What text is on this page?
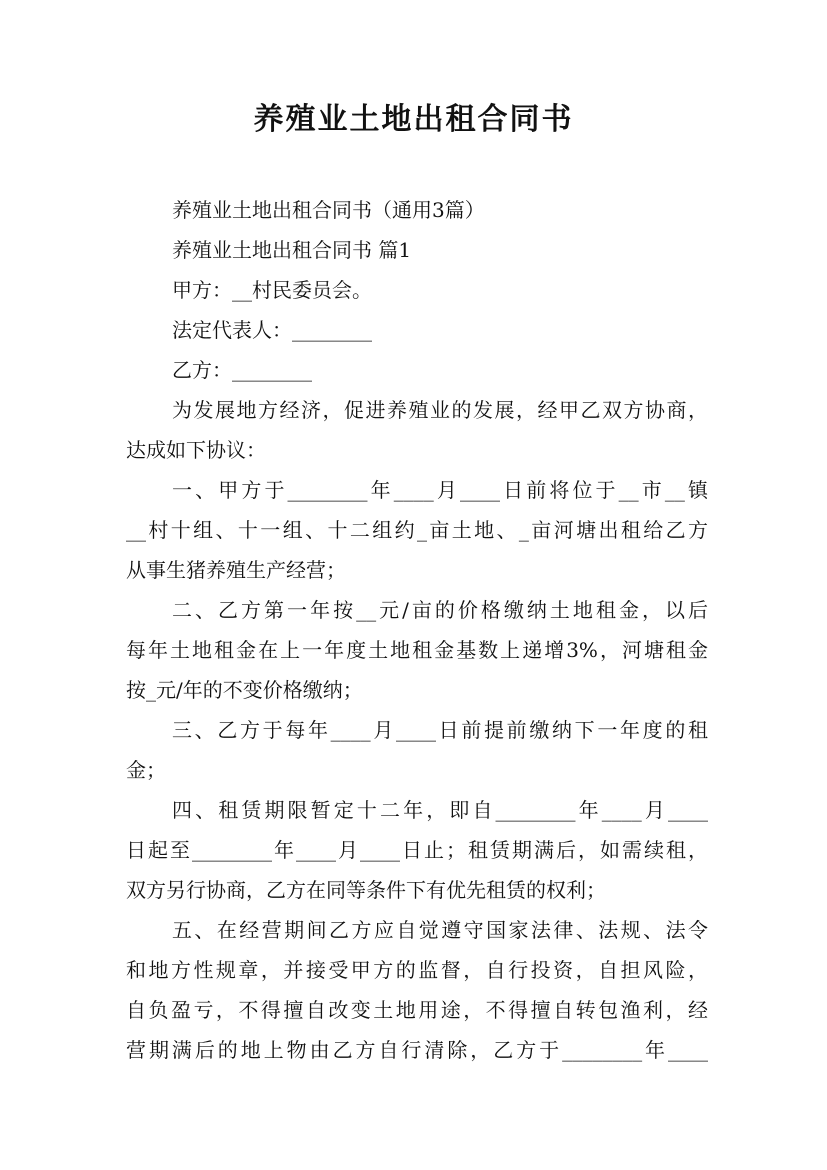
养殖业土地出租合同书
养殖业土地出租合同书（通用3篇）
养殖业土地出租合同书 篇1
甲方：__村民委员会。
法定代表人：________
乙方：________
为发展地方经济，促进养殖业的发展，经甲乙双方协商，
达成如下协议：
一、甲方于________年____月____日前将位于__市__镇
__村十组、十一组、十二组约_亩土地、_亩河塘出租给乙方
从事生猪养殖生产经营；
二、乙方第一年按__元/亩的价格缴纳土地租金，以后
每年土地租金在上一年度土地租金基数上递增3%，河塘租金
按_元/年的不变价格缴纳；
三、乙方于每年____月____日前提前缴纳下一年度的租
金；
四、租赁期限暂定十二年，即自________年____月____
日起至________年____月____日止；租赁期满后，如需续租，
双方另行协商，乙方在同等条件下有优先租赁的权利；
五、在经营期间乙方应自觉遵守国家法律、法规、法令
和地方性规章，并接受甲方的监督，自行投资，自担风险，
自负盈亏，不得擅自改变土地用途，不得擅自转包渔利，经
营期满后的地上物由乙方自行清除，乙方于________年____
